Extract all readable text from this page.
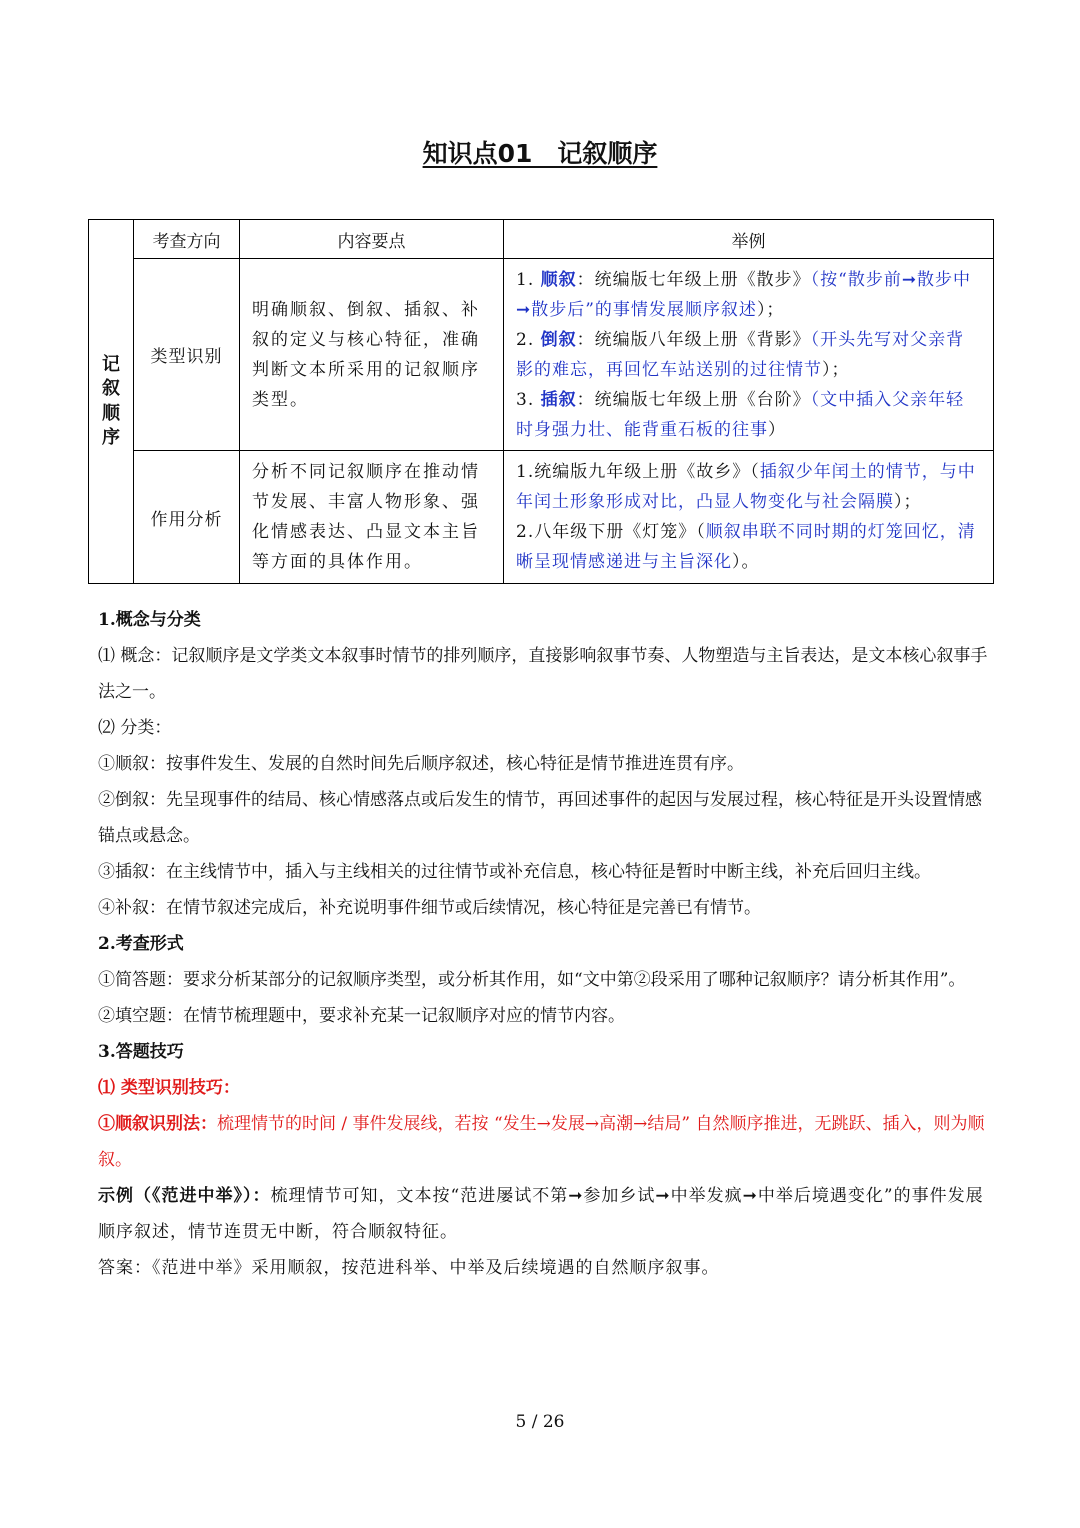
知识点01　记叙顺序
记
叙
顺
序	考查方向	内容要点	举例
	类型识别	明确顺叙、倒叙、插叙、补叙的定义与核心特征，准确判断文本所采用的记叙顺序类型。	1. 顺叙：统编版七年级上册《散步》（按“散步前➞散步中➞散步后”的事情发展顺序叙述）；
2. 倒叙：统编版八年级上册《背影》（开头先写对父亲背影的难忘，再回忆车站送别的过往情节）；
3. 插叙：统编版七年级上册《台阶》（文中插入父亲年轻时身强力壮、能背重石板的往事）

	作用分析	分析不同记叙顺序在推动情节发展、丰富人物形象、强化情感表达、凸显文本主旨等方面的具体作用。	1.统编版九年级上册《故乡》（插叙少年闰土的情节，与中年闰土形象形成对比，凸显人物变化与社会隔膜）；
2.八年级下册《灯笼》（顺叙串联不同时期的灯笼回忆，清晰呈现情感递进与主旨深化）。

1.概念与分类

⑴ 概念：记叙顺序是文学类文本叙事时情节的排列顺序，直接影响叙事节奏、人物塑造与主旨表达，是文本核心叙事手法之一。

⑵ 分类：

①顺叙：按事件发生、发展的自然时间先后顺序叙述，核心特征是情节推进连贯有序。

②倒叙：先呈现事件的结局、核心情感落点或后发生的情节，再回述事件的起因与发展过程，核心特征是开头设置情感锚点或悬念。

③插叙：在主线情节中，插入与主线相关的过往情节或补充信息，核心特征是暂时中断主线，补充后回归主线。

④补叙：在情节叙述完成后，补充说明事件细节或后续情况，核心特征是完善已有情节。

2.考查形式

①简答题：要求分析某部分的记叙顺序类型，或分析其作用，如“文中第②段采用了哪种记叙顺序？请分析其作用”。

②填空题：在情节梳理题中，要求补充某一记叙顺序对应的情节内容。

3.答题技巧

⑴ 类型识别技巧：

①顺叙识别法：梳理情节的时间 / 事件发展线，若按 “发生→发展→高潮→结局” 自然顺序推进，无跳跃、插入，则为顺叙。

示例（《范进中举》）：梳理情节可知，文本按“范进屡试不第➞参加乡试➞中举发疯➞中举后境遇变化”的事件发展顺序叙述，情节连贯无中断，符合顺叙特征。

答案：《范进中举》采用顺叙，按范进科举、中举及后续境遇的自然顺序叙事。

5 / 26
